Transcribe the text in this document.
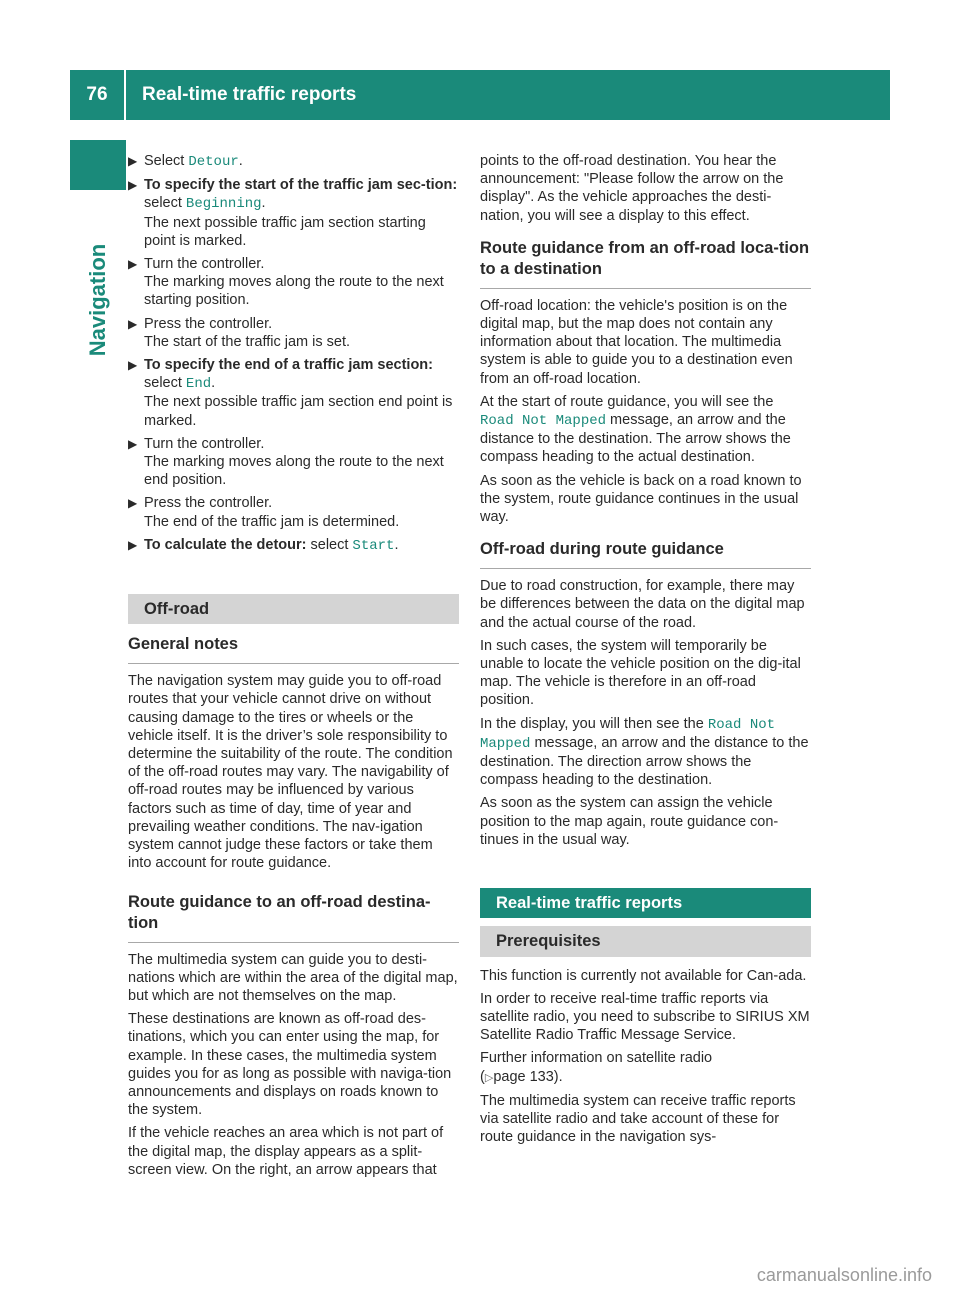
76	Real-time traffic reports
Navigation
▶ Select Detour.
▶ To specify the start of the traffic jam sec-tion: select Beginning.
The next possible traffic jam section starting point is marked.
▶ Turn the controller.
The marking moves along the route to the next starting position.
▶ Press the controller.
The start of the traffic jam is set.
▶ To specify the end of a traffic jam section:
select End.
The next possible traffic jam section end point is marked.
▶ Turn the controller.
The marking moves along the route to the next end position.
▶ Press the controller.
The end of the traffic jam is determined.
▶ To calculate the detour: select Start.
Off-road
General notes

The navigation system may guide you to off-road routes that your vehicle cannot drive on without causing damage to the tires or wheels or the vehicle itself. It is the driver’s sole responsibility to determine the suitability of the route. The condition of the off-road routes may vary. The navigability of off-road routes may be influenced by various factors such as time of day, time of year and prevailing weather conditions. The nav-igation system cannot judge these factors or take them into account for route guidance.

Route guidance to an off-road destina-tion

The multimedia system can guide you to desti-nations which are within the area of the digital map, but which are not themselves on the map.

These destinations are known as off-road des-tinations, which you can enter using the map, for example. In these cases, the multimedia system guides you for as long as possible with naviga-tion announcements and displays on roads known to the system.

If the vehicle reaches an area which is not part of the digital map, the display appears as a split-screen view. On the right, an arrow appears that

points to the off-road destination. You hear the announcement: "Please follow the arrow on the display". As the vehicle approaches the desti-nation, you will see a display to this effect.

Route guidance from an off-road loca-tion to a destination

Off-road location: the vehicle's position is on the digital map, but the map does not contain any information about that location. The multimedia system is able to guide you to a destination even from an off-road location.

At the start of route guidance, you will see the Road Not Mapped message, an arrow and the distance to the destination. The arrow shows the compass heading to the actual destination.

As soon as the vehicle is back on a road known to the system, route guidance continues in the usual way.

Off-road during route guidance

Due to road construction, for example, there may be differences between the data on the digital map and the actual course of the road.

In such cases, the system will temporarily be unable to locate the vehicle position on the dig-ital map. The vehicle is therefore in an off-road position.

In the display, you will then see the Road Not Mapped message, an arrow and the distance to the destination. The direction arrow shows the compass heading to the destination.

As soon as the system can assign the vehicle position to the map again, route guidance con-tinues in the usual way.

Real-time traffic reports
Prerequisites

This function is currently not available for Can-ada.

In order to receive real-time traffic reports via satellite radio, you need to subscribe to SIRIUS XM Satellite Radio Traffic Message Service.

Further information on satellite radio
(▷page 133).

The multimedia system can receive traffic reports via satellite radio and take account of these for route guidance in the navigation sys-

carmanualsonline.info
